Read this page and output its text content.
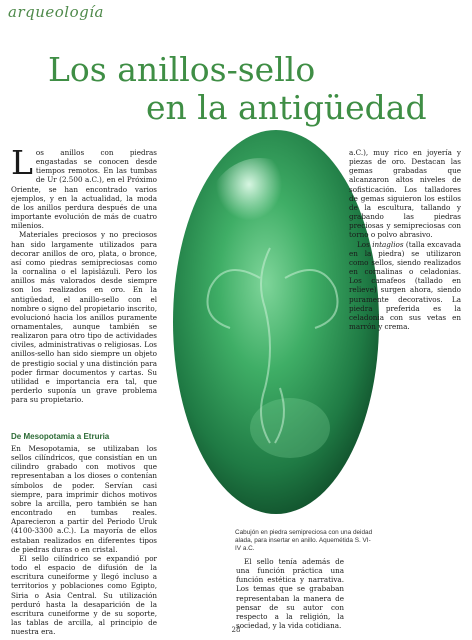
arqueología
Los anillos-sello
en la antigüedad
Cabujón en piedra semipreciosa con una deidad alada, para insertar en anillo. Aquemétida S. VI-IV a.C.

Los anillos con piedras engastadas se conocen desde tiempos remotos. En las tumbas de Ur (2.500 a.C.), en el Próximo Oriente, se han encontrado varios ejemplos, y en la actualidad, la moda de los anillos perdura después de una importante evolución de más de cuatro milenios.

Materiales preciosos y no preciosos han sido largamente utilizados para decorar anillos de oro, plata, o bronce, así como piedras semipreciosas como la cornalina o el lapislázuli. Pero los anillos más valorados desde siempre son los realizados en oro. En la antigüedad, el anillo-sello con el nombre o signo del propietario inscrito, evolucionó hacia los anillos puramente ornamentales, aunque también se realizaron para otro tipo de actividades civiles, administrativas o religiosas. Los anillos-sello han sido siempre un objeto de prestigio social y una distinción para poder firmar documentos y cartas. Su utilidad e importancia era tal, que perderlo suponía un grave problema para su propietario.

De Mesopotamia a Etruria

En Mesopotamia, se utilizaban los sellos cilíndricos, que consistían en un cilindro grabado con motivos que representaban a los dioses o contenían símbolos de poder. Servían casi siempre, para imprimir dichos motivos sobre la arcilla, pero también se han encontrado en tumbas reales. Aparecieron a partir del Periodo Uruk (4100-3300 a.C.). La mayoría de ellos estaban realizados en diferentes tipos de piedras duras o en cristal.

El sello cilíndrico se expandió por todo el espacio de difusión de la escritura cuneiforme y llegó incluso a territorios y poblaciones como Egipto, Siria o Asia Central. Su utilización perduró hasta la desaparición de la escritura cuneiforme y de su soporte, las tablas de arcilla, al principio de nuestra era.

El sello tenía además de una función práctica una función estética y narrativa. Los temas que se grababan representaban la manera de pensar de su autor con respecto a la religión, la sociedad, y la vida cotidiana.

a.C.), muy rico en joyería y piezas de oro. Destacan las gemas grabadas que alcanzaron altos niveles de sofisticación. Los talladores de gemas siguieron los estilos de la escultura, tallando y grabando las piedras preciosas y semipreciosas con torno o polvo abrasivo.

Los intaglios (talla excavada en la piedra) se utilizaron como sellos, siendo realizados en cornalinas o celadonias. Los camafeos (tallado en relieve) surgen ahora, siendo puramente decorativos. La piedra preferida es la celadonia con sus vetas en marrón y crema.

28
